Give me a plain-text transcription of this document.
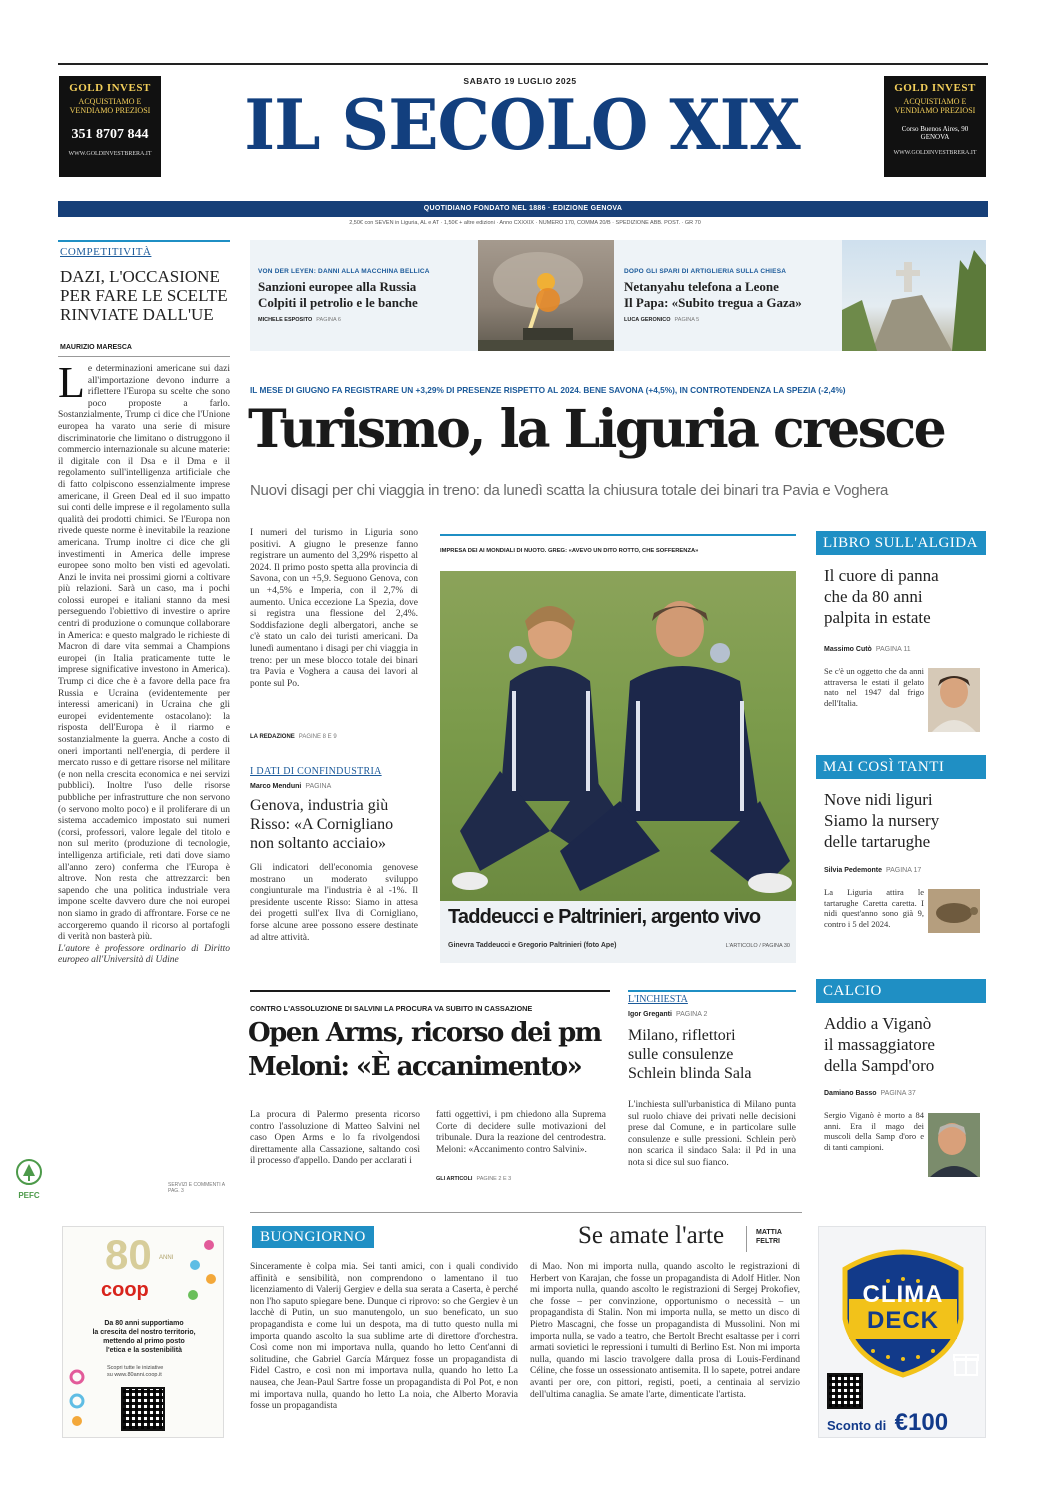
GOLD INVEST
ACQUISTIAMO E
VENDIAMO PREZIOSI
351 8707 844
WWW.GOLDINVESTBRERA.IT
GOLD INVEST
ACQUISTIAMO E
VENDIAMO PREZIOSI
Corso Buenos Aires, 90
GENOVA
WWW.GOLDINVESTBRERA.IT
SABATO 19 LUGLIO 2025
IL SECOLO XIX
QUOTIDIANO FONDATO NEL 1886 · EDIZIONE GENOVA
2,50€ con SEVEN in Liguria, AL e AT · 1,50€ + altre edizioni · Anno CXXXIX · NUMERO 170, COMMA 20/B · SPEDIZIONE ABB. POST. · GR 70
COMPETITIVITÀ
DAZI, L'OCCASIONE
PER FARE LE SCELTE
RINVIATE DALL'UE
MAURIZIO MARESCA
L e determinazioni americane sui dazi all'importazione devono indurre a riflettere l'Europa su scelte che sono poco proposte a farlo. Sostanzialmente, Trump ci dice che l'Unione europea ha varato una serie di misure discriminatorie che limitano o distruggono il commercio internazionale su alcune materie: il digitale con il Dsa e il Dma e il regolamento sull'intelligenza artificiale che di fatto colpiscono essenzialmente imprese americane, il Green Deal ed il suo impatto sui conti delle imprese e il regolamento sulla qualità dei prodotti chimici. Se l'Europa non rivede queste norme è inevitabile la reazione americana. Trump inoltre ci dice che gli investimenti in America delle imprese europee sono molto ben visti ed agevolati. Anzi le invita nei prossimi giorni a coltivare più relazioni. Sarà un caso, ma i pochi colossi europei e italiani stanno da mesi perseguendo l'obiettivo di investire o aprire centri di produzione o comunque collaborare in America: e questo malgrado le richieste di Macron di dare vita semmai a Champions europei (in Italia praticamente tutte le imprese significative investono in America). Trump ci dice che è a favore della pace fra Russia e Ucraina (evidentemente per interessi americani) in Ucraina che gli europei evidentemente ostacolano): la risposta dell'Europa è il riarmo e sostanzialmente la guerra. Anche a costo di oneri importanti nell'energia, di perdere il mercato russo e di gettare risorse nel militare (e non nella crescita economica e nei servizi pubblici). Inoltre l'uso delle risorse pubbliche per infrastrutture che non servono (o servono molto poco) e il proliferare di un sistema accademico impostato sui numeri (corsi, professori, valore legale del titolo e non sul merito (produzione di tecnologie, intelligenza artificiale, reti dati dove siamo all'anno zero) conferma che l'Europa è altrove. Non resta che attrezzarci: ben sapendo che una politica industriale vera impone scelte davvero dure che noi europei non siamo in grado di affrontare. Forse ce ne accorgeremo quando il ricorso al portafogli di verità non basterà più.
L'autore è professore ordinario di Diritto europeo all'Università di Udine
SERVIZI E COMMENTI A PAG. 3
PEFC
VON DER LEYEN: DANNI ALLA MACCHINA BELLICA
Sanzioni europee alla Russia
Colpiti il petrolio e le banche
MICHELE ESPOSITO PAGINA 6
DOPO GLI SPARI DI ARTIGLIERIA SULLA CHIESA
Netanyahu telefona a Leone
Il Papa: «Subito tregua a Gaza»
LUCA GERONICO PAGINA 5
IL MESE DI GIUGNO FA REGISTRARE UN +3,29% DI PRESENZE RISPETTO AL 2024. BENE SAVONA (+4,5%), IN CONTROTENDENZA LA SPEZIA (-2,4%)
Turismo, la Liguria cresce
Nuovi disagi per chi viaggia in treno: da lunedì scatta la chiusura totale dei binari tra Pavia e Voghera
I numeri del turismo in Liguria sono positivi. A giugno le presenze fanno registrare un aumento del 3,29% rispetto al 2024. Il primo posto spetta alla provincia di Savona, con un +5,9. Seguono Genova, con un +4,5% e Imperia, con il 2,7% di aumento. Unica eccezione La Spezia, dove si registra una flessione del 2,4%. Soddisfazione degli albergatori, anche se c'è stato un calo dei turisti americani. Da lunedì aumentano i disagi per chi viaggia in treno: per un mese blocco totale dei binari tra Pavia e Voghera a causa dei lavori al ponte sul Po.
LA REDAZIONE PAGINE 8 E 9
I DATI DI CONFINDUSTRIA
Marco Menduni PAGINA
Genova, industria giù
Risso: «A Cornigliano
non soltanto acciaio»
Gli indicatori dell'economia genovese mostrano un moderato sviluppo congiunturale ma l'industria è al -1%. Il presidente uscente Risso: Siamo in attesa dei progetti sull'ex Ilva di Cornigliano, forse alcune aree possono essere destinate ad altre attività.
IMPRESA DEI AI MONDIALI DI NUOTO. GREG: «AVEVO UN DITO ROTTO, CHE SOFFERENZA»
Taddeucci e Paltrinieri, argento vivo
Ginevra Taddeucci e Gregorio Paltrinieri (foto Ape)	L'ARTICOLO / PAGINA 30
CONTRO L'ASSOLUZIONE DI SALVINI LA PROCURA VA SUBITO IN CASSAZIONE
Open Arms, ricorso dei pm
Meloni: «È accanimento»
La procura di Palermo presenta ricorso contro l'assoluzione di Matteo Salvini nel caso Open Arms e lo fa rivolgendosi direttamente alla Cassazione, saltando così il processo d'appello. Dando per acclarati i
fatti oggettivi, i pm chiedono alla Suprema Corte di decidere sulle motivazioni del tribunale. Dura la reazione del centrodestra. Meloni: «Accanimento contro Salvini».
GLI ARTICOLI PAGINE 2 E 3
L'INCHIESTA
Igor Greganti PAGINA 2
Milano, riflettori
sulle consulenze
Schlein blinda Sala
L'inchiesta sull'urbanistica di Milano punta sul ruolo chiave dei privati nelle decisioni prese dal Comune, e in particolare sulle consulenze e sulle pressioni. Schlein però non scarica il sindaco Sala: il Pd in una nota si dice sul suo fianco.
LIBRO SULL'ALGIDA
Il cuore di panna
che da 80 anni
palpita in estate
Massimo Cutò PAGINA 11
Se c'è un oggetto che da anni attraversa le estati il gelato nato nel 1947 dal frigo dell'Italia.
MAI COSÌ TANTI
Nove nidi liguri
Siamo la nursery
delle tartarughe
Silvia Pedemonte PAGINA 17
La Liguria attira le tartarughe Caretta caretta. I nidi quest'anno sono già 9, contro i 5 del 2024.
CALCIO
Addio a Viganò
il massaggiatore
della Sampd'oro
Damiano Basso PAGINA 37
Sergio Viganò è morto a 84 anni. Era il mago dei muscoli della Samp d'oro e di tanti campioni.
80 ANNI
coop
Da 80 anni supportiamo
la crescita del nostro territorio,
mettendo al primo posto
l'etica e la sostenibilità
Scopri tutte le iniziative
su www.80anni.coop.it
BUONGIORNO	Se amate l'arte	MATTIA
FELTRI
Sinceramente è colpa mia. Sei tanti amici, con i quali condivido affinità e sensibilità, non comprendono o lamentano il tuo licenziamento di Valerij Gergiev e della sua serata a Caserta, è perché non l'ho saputo spiegare bene. Dunque ci riprovo: so che Gergiev è un lacchè di Putin, un suo manutengolo, un suo beneficato, un suo propagandista e come lui un despota, ma di tutto questo nulla mi importa quando ascolto la sua sublime arte di direttore d'orchestra. Così come non mi importava nulla, quando ho letto Cent'anni di solitudine, che Gabriel García Márquez fosse un propagandista di Fidel Castro, e così non mi importava nulla, quando ho letto La nausea, che Jean-Paul Sartre fosse un propagandista di Pol Pot, e non mi importava nulla, quando ho letto La noia, che Alberto Moravia fosse un propagandista
di Mao. Non mi importa nulla, quando ascolto le registrazioni di Herbert von Karajan, che fosse un propagandista di Adolf Hitler. Non mi importa nulla, quando ascolto le registrazioni di Sergej Prokofiev, che fosse – per convinzione, opportunismo o necessità – un propagandista di Stalin. Non mi importa nulla, se metto un disco di Pietro Mascagni, che fosse un propagandista di Mussolini. Non mi importa nulla, se vado a teatro, che Bertolt Brecht esaltasse per i corri armati sovietici le repressioni i tumulti di Berlino Est. Non mi importa nulla, quando mi lascio travolgere dalla prosa di Louis-Ferdinand Céline, che fosse un ossessionato antisemita. Il lo sapete, potrei andare avanti per ore, con pittori, registi, poeti, a centinaia al servizio dell'ultima canaglia. Se amate l'arte, dimenticate l'artista.
CLIMA
DECK
Sconto di €100
